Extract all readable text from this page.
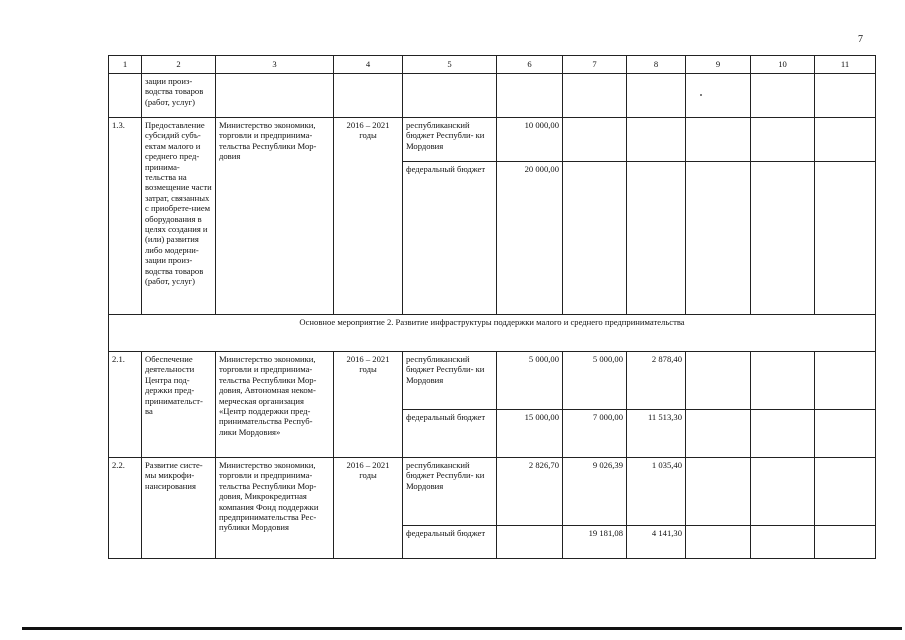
7
1	2	3	4	5	6	7	8	9	10	11
	зации произ- водства товаров (работ, услуг)									
1.3.	Предоставление субсидий субъ- ектам малого и среднего пред- принима- тельства на возмещение части затрат, связанных с приобрете-нием оборудования в целях создания и (или) развития либо модерни- зации произ- водства товаров (работ, услуг)	Министерство экономики, торговли и предпринима- тельства Республики Мор- довия	2016 – 2021 годы	республиканский бюджет Республи- ки Мордовия	10 000,00					
				федеральный бюджет	20 000,00					
Основное мероприятие 2. Развитие инфраструктуры поддержки малого и среднего предпринимательства										
2.1.	Обеспечение деятельности Центра под- держки пред- принимательст- ва	Министерство экономики, торговли и предпринима- тельства Республики Мор- довия, Автономная неком- мерческая организация «Центр поддержки пред- принимательства Респуб- лики Мордовия»	2016 – 2021 годы	республиканский бюджет Республи- ки Мордовия	5 000,00	5 000,00	2 878,40			
				федеральный бюджет	15 000,00	7 000,00	11 513,30			
2.2.	Развитие систе- мы микрофи- нансирования	Министерство экономики, торговли и предпринима- тельства Республики Мор- довия, Микрокредитная компания Фонд поддержки предпринимательства Рес- публики Мордовия	2016 – 2021 годы	республиканский бюджет Республи- ки Мордовия	2 826,70	9 026,39	1 035,40			
				федеральный бюджет		19 181,08	4 141,30			
